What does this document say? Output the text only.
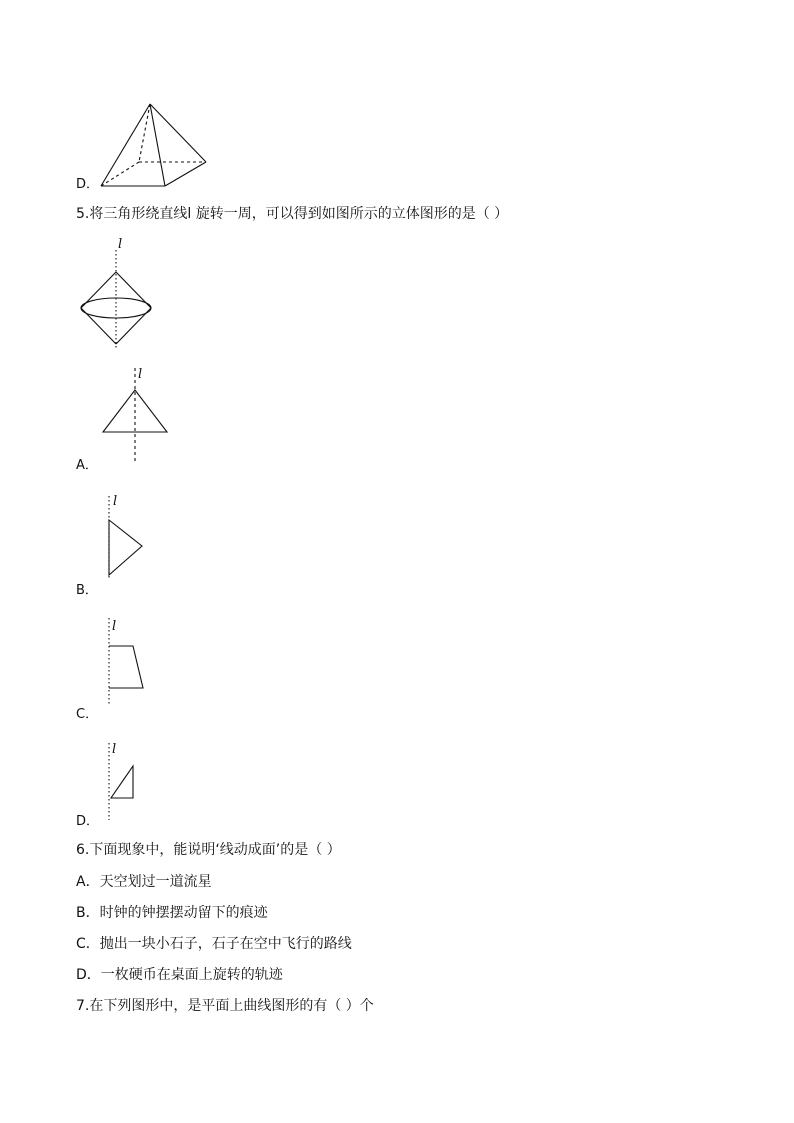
D．
5.将三角形绕直线l 旋转一周，可以得到如图所示的立体图形的是（ ）
l
l
A．
l
B．
l
C．
l
D．
6.下面现象中，能说明‘线动成面’的是（ ）
A．天空划过一道流星
B．时钟的钟摆摆动留下的痕迹
C．抛出一块小石子，石子在空中飞行的路线
D．一枚硬币在桌面上旋转的轨迹
7.在下列图形中，是平面上曲线图形的有（ ）个
